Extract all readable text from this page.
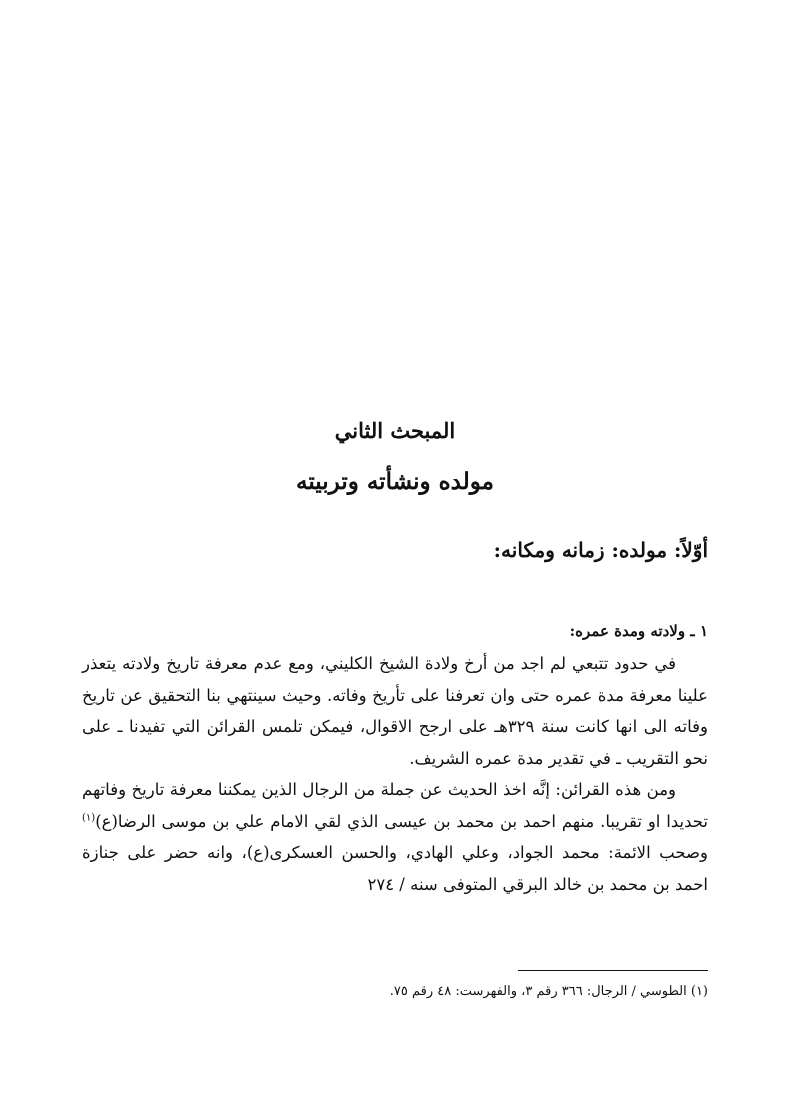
المبحث الثاني
مولده ونشأته وتربيته
أوّلاً: مولده: زمانه ومكانه:
١ ـ ولادته ومدة عمره:

في حدود تتبعي لم اجد من أرخ ولادة الشيخ الكليني، ومع عدم معرفة تاريخ ولادته يتعذر علينا معرفة مدة عمره حتى وان تعرفنا على تأريخ وفاته. وحيث سينتهي بنا التحقيق عن تاريخ وفاته الى انها كانت سنة ٣٢٩هـ على ارجح الاقوال، فيمكن تلمس القرائن التي تفيدنا ـ على نحو التقريب ـ في تقدير مدة عمره الشريف.

ومن هذه القرائن: إنَّه اخذ الحديث عن جملة من الرجال الذين يمكننا معرفة تاريخ وفاتهم تحديدا او تقريبا. منهم احمد بن محمد بن عيسى الذي لقي الامام علي بن موسى الرضا(ع)$^{(١)}$ وصحب الائمة: محمد الجواد، وعلي الهادي، والحسن العسكرى(ع)، وانه حضر على جنازة احمد بن محمد بن خالد البرقي المتوفى سنه / ٢٧٤

(١) الطوسي / الرجال: ٣٦٦ رقم ٣، والفهرست: ٤٨ رقم ٧٥.
